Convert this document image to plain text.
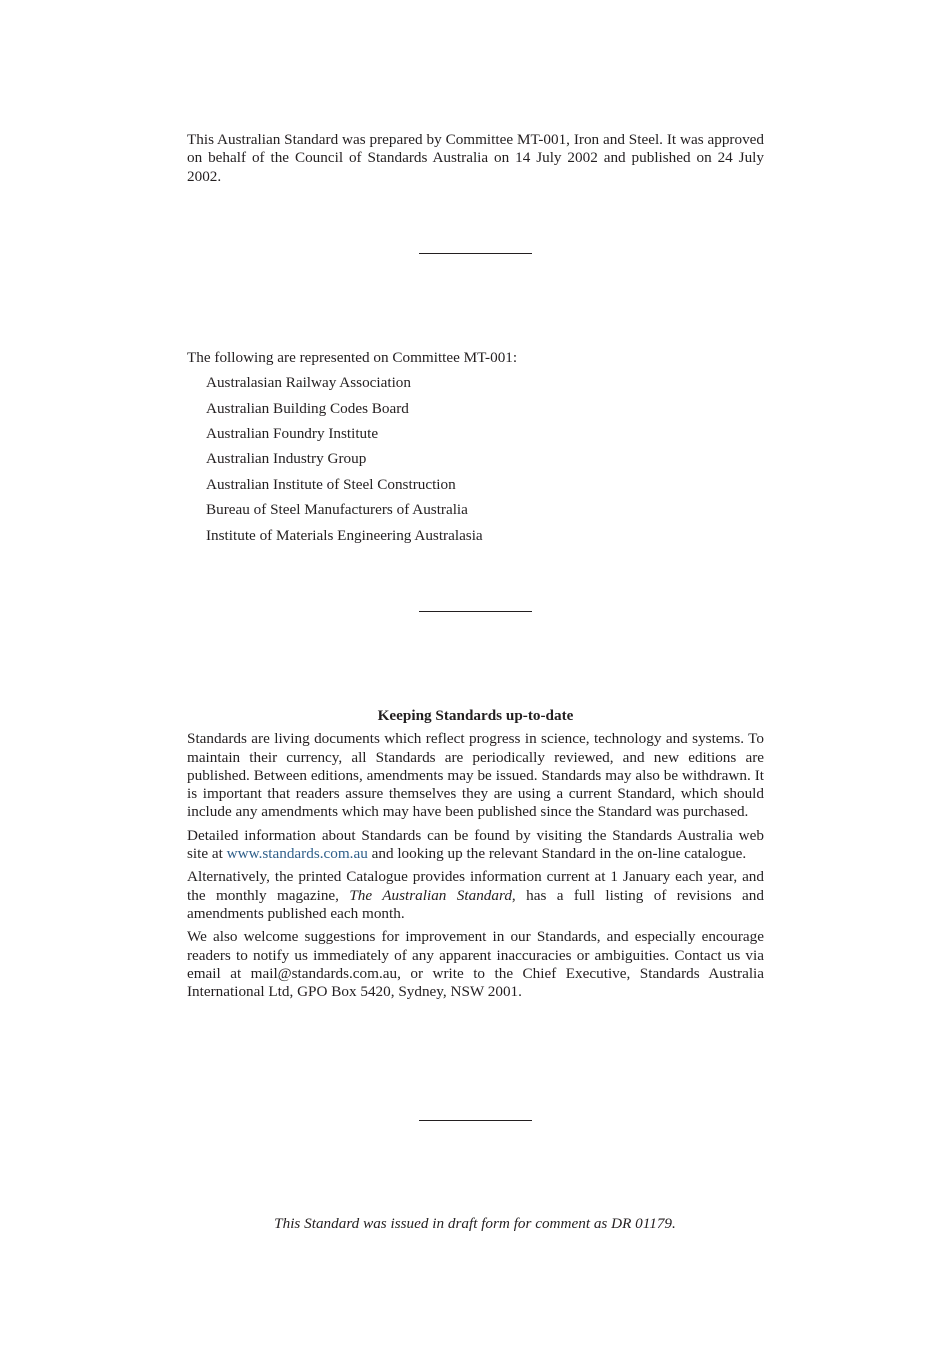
This Australian Standard was prepared by Committee MT-001, Iron and Steel. It was approved on behalf of the Council of Standards Australia on 14 July 2002 and published on 24 July 2002.

The following are represented on Committee MT-001:

Australasian Railway Association
Australian Building Codes Board
Australian Foundry Institute
Australian Industry Group
Australian Institute of Steel Construction
Bureau of Steel Manufacturers of Australia
Institute of Materials Engineering Australasia

Keeping Standards up-to-date

Standards are living documents which reflect progress in science, technology and systems. To maintain their currency, all Standards are periodically reviewed, and new editions are published. Between editions, amendments may be issued. Standards may also be withdrawn. It is important that readers assure themselves they are using a current Standard, which should include any amendments which may have been published since the Standard was purchased.

Detailed information about Standards can be found by visiting the Standards Australia web site at www.standards.com.au and looking up the relevant Standard in the on-line catalogue.

Alternatively, the printed Catalogue provides information current at 1 January each year, and the monthly magazine, The Australian Standard, has a full listing of revisions and amendments published each month.

We also welcome suggestions for improvement in our Standards, and especially encourage readers to notify us immediately of any apparent inaccuracies or ambiguities. Contact us via email at mail@standards.com.au, or write to the Chief Executive, Standards Australia International Ltd, GPO Box 5420, Sydney, NSW 2001.

This Standard was issued in draft form for comment as DR 01179.
